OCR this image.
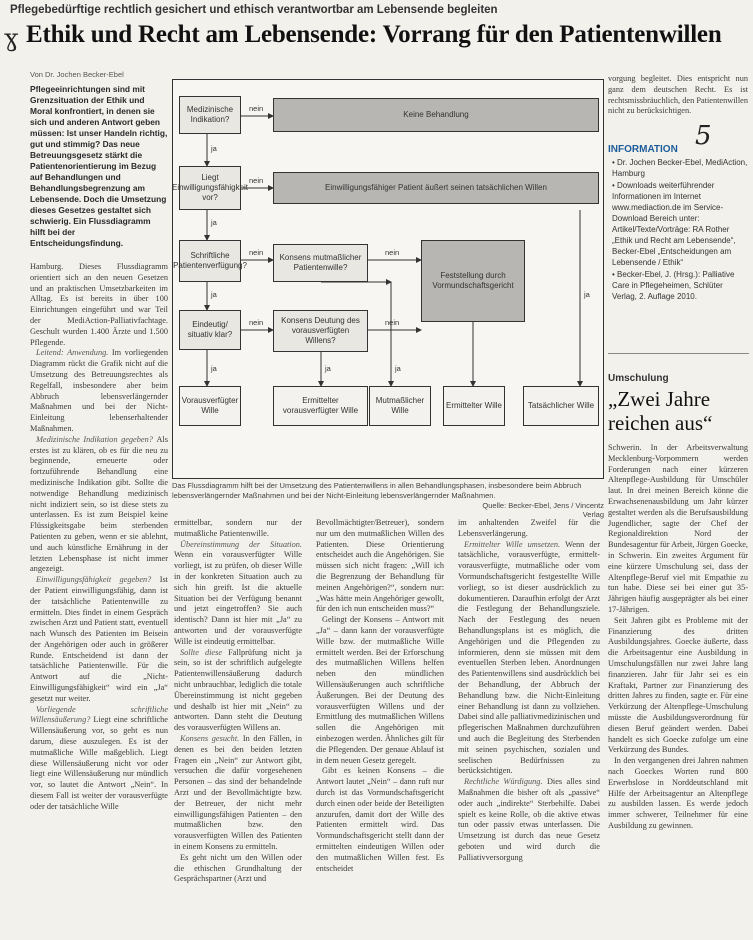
Pflegebedürftige rechtlich gesichert und ethisch verantwortbar am Lebensende begleiten
ɣ Ethik und Recht am Lebensende: Vorrang für den Patientenwillen
Von Dr. Jochen Becker-Ebel
Pflegeeinrichtungen sind mit Grenzsituation der Ethik und Moral konfrontiert, in denen sie sich und anderen Antwort geben müssen: Ist unser Handeln richtig, gut und stimmig? Das neue Betreuungsgesetz stärkt die Patientenorientierung im Bezug auf Behandlungen und Behandlungsbegrenzung am Lebensende. Doch die Umsetzung dieses Gesetzes gestaltet sich schwierig. Ein Flussdiagramm hilft bei der Entscheidungsfindung.

Hamburg. Dieses Flussdiagramm orientiert sich an den neuen Gesetzen und an praktischen Umsetzbarkeiten im Alltag. Es ist bereits in über 100 Einrichtungen eingeführt und war Teil der MediAction-Palliativfachtage. Geschult wurden 1.400 Ärzte und 1.500 Pflegende.

Leitend: Anwendung. Im vorliegenden Diagramm rückt die Grafik nicht auf die Umsetzung des Betreuungsrechtes als Regelfall, insbesondere aber beim Abbruch lebensverlängernder Maßnahmen und bei der Nicht-Einleitung lebenserhaltender Maßnahmen.

Medizinische Indikation gegeben? Als erstes ist zu klären, ob es für die neu zu beginnende, erneuerte oder fortzuführende Behandlung eine medizinische Indikation gibt. Sollte die notwendige Behandlung medizinisch nicht indiziert sein, so ist diese stets zu unterlassen. Es ist zum Beispiel keine Flüssigkeitsgabe beim sterbenden Patienten zu geben, wenn er sie ablehnt, und auch künstliche Ernährung in der letzten Lebensphase ist nicht immer angezeigt.

Einwilligungsfähigkeit gegeben? Ist der Patient einwilligungsfähig, dann ist der tatsächliche Patientenwille zu ermitteln. Dies findet in einem Gespräch zwischen Arzt und Patient statt, eventuell nach Wunsch des Patienten im Beisein der Angehörigen oder auch in größerer Runde. Entscheidend ist dann der tatsächliche Patientenwille. Für die Antwort auf die „Nicht-Einwilligungsfähigkeit“ wird ein „Ja“ gesetzt nur weiter.

Vorliegende schriftliche Willensäußerung? Liegt eine schriftliche Willensäußerung vor, so geht es nun darum, diese auszulegen. Es ist der mutmaßliche Wille maßgeblich. Liegt diese Willensäußerung nicht vor oder liegt eine Willensäußerung nur mündlich vor, so lautet die Antwort „Nein“. In diesem Fall ist weiter der vorausverfügte oder der tatsächliche Wille

ermittelbar, sondern nur der mutmaßliche Patientenwille.

Übereinstimmung der Situation. Wenn ein vorausverfügter Wille vorliegt, ist zu prüfen, ob dieser Wille in der konkreten Situation auch zu sich hin greift. Ist die aktuelle Situation bei der Verfügung benannt und jetzt eingetroffen? Sie auch identisch? Dann ist hier mit „Ja“ zu antworten und der vorausverfügte Wille ist eindeutig ermittelbar.

Sollte diese Fallprüfung nicht ja sein, so ist der schriftlich aufgelegte Patientenwillensäußerung dadurch nicht unbrauchbar, lediglich die totale Übereinstimmung ist nicht gegeben und deshalb ist hier mit „Nein“ zu antworten. Dann steht die Deutung des vorausverfügten Willens an.

Konsens gesucht. In den Fällen, in denen es bei den beiden letzten Fragen ein „Nein“ zur Antwort gibt, versuchen die dafür vorgesehenen Personen – das sind der behandelnde Arzt und der Bevollmächtigte bzw. der Betreuer, der nicht mehr einwilligungsfähigen Patienten – den mutmaßlichen bzw. den vorausverfügten Willen des Patienten in einem Konsens zu ermitteln.

Es geht nicht um den Willen oder die ethischen Grundhaltung der Gesprächspartner (Arzt und

Bevollmächtigter/Betreuer), sondern nur um den mutmaßlichen Willen des Patienten. Diese Orientierung entscheidet auch die Angehörigen. Sie müssen sich nicht fragen: „Will ich die Begrenzung der Behandlung für meinen Angehörigen?“, sondern nur: „Was hätte mein Angehöriger gewollt, für den ich nun entscheiden muss?“

Gelingt der Konsens – Antwort mit „Ja“ – dann kann der vorausverfügte Wille bzw. der mutmaßliche Wille ermittelt werden. Bei der Erforschung des mutmaßlichen Willens helfen neben den mündlichen Willensäußerungen auch schriftliche Äußerungen. Bei der Deutung des vorausverfügten Willens und der Ermittlung des mutmaßlichen Willens sollen die Angehörigen mit einbezogen werden. Ähnliches gilt für die Pflegenden. Der genaue Ablauf ist in dem neuen Gesetz geregelt.

Gibt es keinen Konsens – die Antwort lautet „Nein“ – dann ruft nur durch ist das Vormundschaftsgericht durch einen oder beide der Beteiligten anzurufen, damit dort der Wille des Patienten ermittelt wird. Das Vormundschaftsgericht stellt dann der ermittelten eindeutigen Willen oder den mutmaßlichen Willen fest. Es entscheidet

im anhaltenden Zweifel für die Lebensverlängerung.

Ermittelter Wille umsetzen. Wenn der tatsächliche, vorausverfügte, ermittelt-vorausverfügte, mutmaßliche oder vom Vormundschaftsgericht festgestellte Wille vorliegt, so ist dieser ausdrücklich zu dokumentieren. Daraufhin erfolgt der Arzt die Festlegung der Behandlungsziele. Nach der Festlegung des neuen Behandlungsplans ist es möglich, die Angehörigen und die Pflegenden zu informieren, denn sie müssen mit dem eventuellen Sterben leben. Anordnungen des Patientenwillens sind ausdrücklich bei der Behandlung, der Abbruch der Behandlung bzw. die Nicht-Einleitung einer Behandlung ist dann zu vollziehen. Dabei sind alle palliativmedizinischen und pflegerischen Maßnahmen durchzuführen und auch die Begleitung des Sterbenden mit seinen psychischen, sozialen und seelischen Bedürfnissen zu berücksichtigen.

Rechtliche Würdigung. Dies alles sind Maßnahmen die bisher oft als „passive“ oder auch „indirekte“ Sterbehilfe. Dabei spielt es keine Rolle, ob die aktive etwas tun oder passiv etwas unterlassen. Die Umsetzung ist durch das neue Gesetz geboten und wird durch die Palliativversorgung

vorgung begleitet. Dies entspricht nun ganz dem deutschen Recht. Es ist rechtsmissbräuchlich, den Patientenwillen nicht zu berücksichtigen.
Medizinische Indikation?
Keine Behandlung
Liegt Einwilligungsfähigkeit vor?
Einwilligungsfähiger Patient äußert seinen tatsächlichen Willen
Schriftliche Patientenverfügung?
Konsens mutmaßlicher Patientenwille?
Feststellung durch Vormundschaftsgericht
Eindeutig/ situativ klar?
Konsens Deutung des vorausverfügten Willens?
Vorausverfügter Wille
Ermittelter vorausverfügter Wille
Mutmaßlicher Wille
Ermittelter Wille	Tatsächlicher Wille
nein
ja
nein
ja
nein	nein
ja
nein	nein
ja	ja	ja
ja
Das Flussdiagramm hilft bei der Umsetzung des Patientenwillens in allen Behandlungsphasen, insbesondere beim Abbruch lebensverlängernder Maßnahmen und bei der Nicht-Einleitung lebensverlängernder Maßnahmen.
Quelle: Becker-Ebel, Jens / Vincentz Verlag
5
INFORMATION
• Dr. Jochen Becker-Ebel, MediAction, Hamburg
• Downloads weiterführender Informationen im Internet www.mediaction.de im Service-Download Bereich unter: Artikel/Texte/Vorträge: RA Rother „Ethik und Recht am Lebensende“, Becker-Ebel „Entscheidungen am Lebensende / Ethik“
• Becker-Ebel, J. (Hrsg.): Palliative Care in Pflegeheimen, Schlüter Verlag, 2. Auflage 2010.
Umschulung
„Zwei Jahre reichen aus“

Schwerin. In der Arbeitsverwaltung Mecklenburg-Vorpommern werden Forderungen nach einer kürzeren Altenpflege-Ausbildung für Umschüler laut. In drei meinen Bereich könne die Erwachsenenausbildung um Jahr kürzer gestaltet werden als die Berufsausbildung Jugendlicher, sagte der Chef der Regionaldirektion Nord der Bundesagentur für Arbeit, Jürgen Goecke, in Schwerin. Ein zweites Argument für eine kürzere Umschulung sei, dass der Altenpflege-Beruf viel mit Empathie zu tun habe. Diese sei bei einer gut 35-Jährigen häufig ausgeprägter als bei einer 17-Jährigen.

Seit Jahren gibt es Probleme mit der Finanzierung des dritten Ausbildungsjahres. Goecke äußerte, dass die Arbeitsagentur eine Ausbildung in Umschulungsfällen nur zwei Jahre lang finanzieren. Jahr für Jahr sei es ein Kraftakt, Partner zur Finanzierung des dritten Jahres zu finden, sagte er. Für eine Verkürzung der Altenpflege-Umschulung müsste die Ausbildungsverordnung für diesen Beruf geändert werden. Dabei handelt es sich Goecke zufolge um eine Verkürzung des Bundes.

In den vergangenen drei Jahren nahmen nach Goeckes Worten rund 800 Erwerbslose in Norddeutschland mit Hilfe der Arbeitsagentur an Altenpflege zu ausbilden lassen. Es werde jedoch immer schwerer, Teilnehmer für eine Ausbildung zu gewinnen.
